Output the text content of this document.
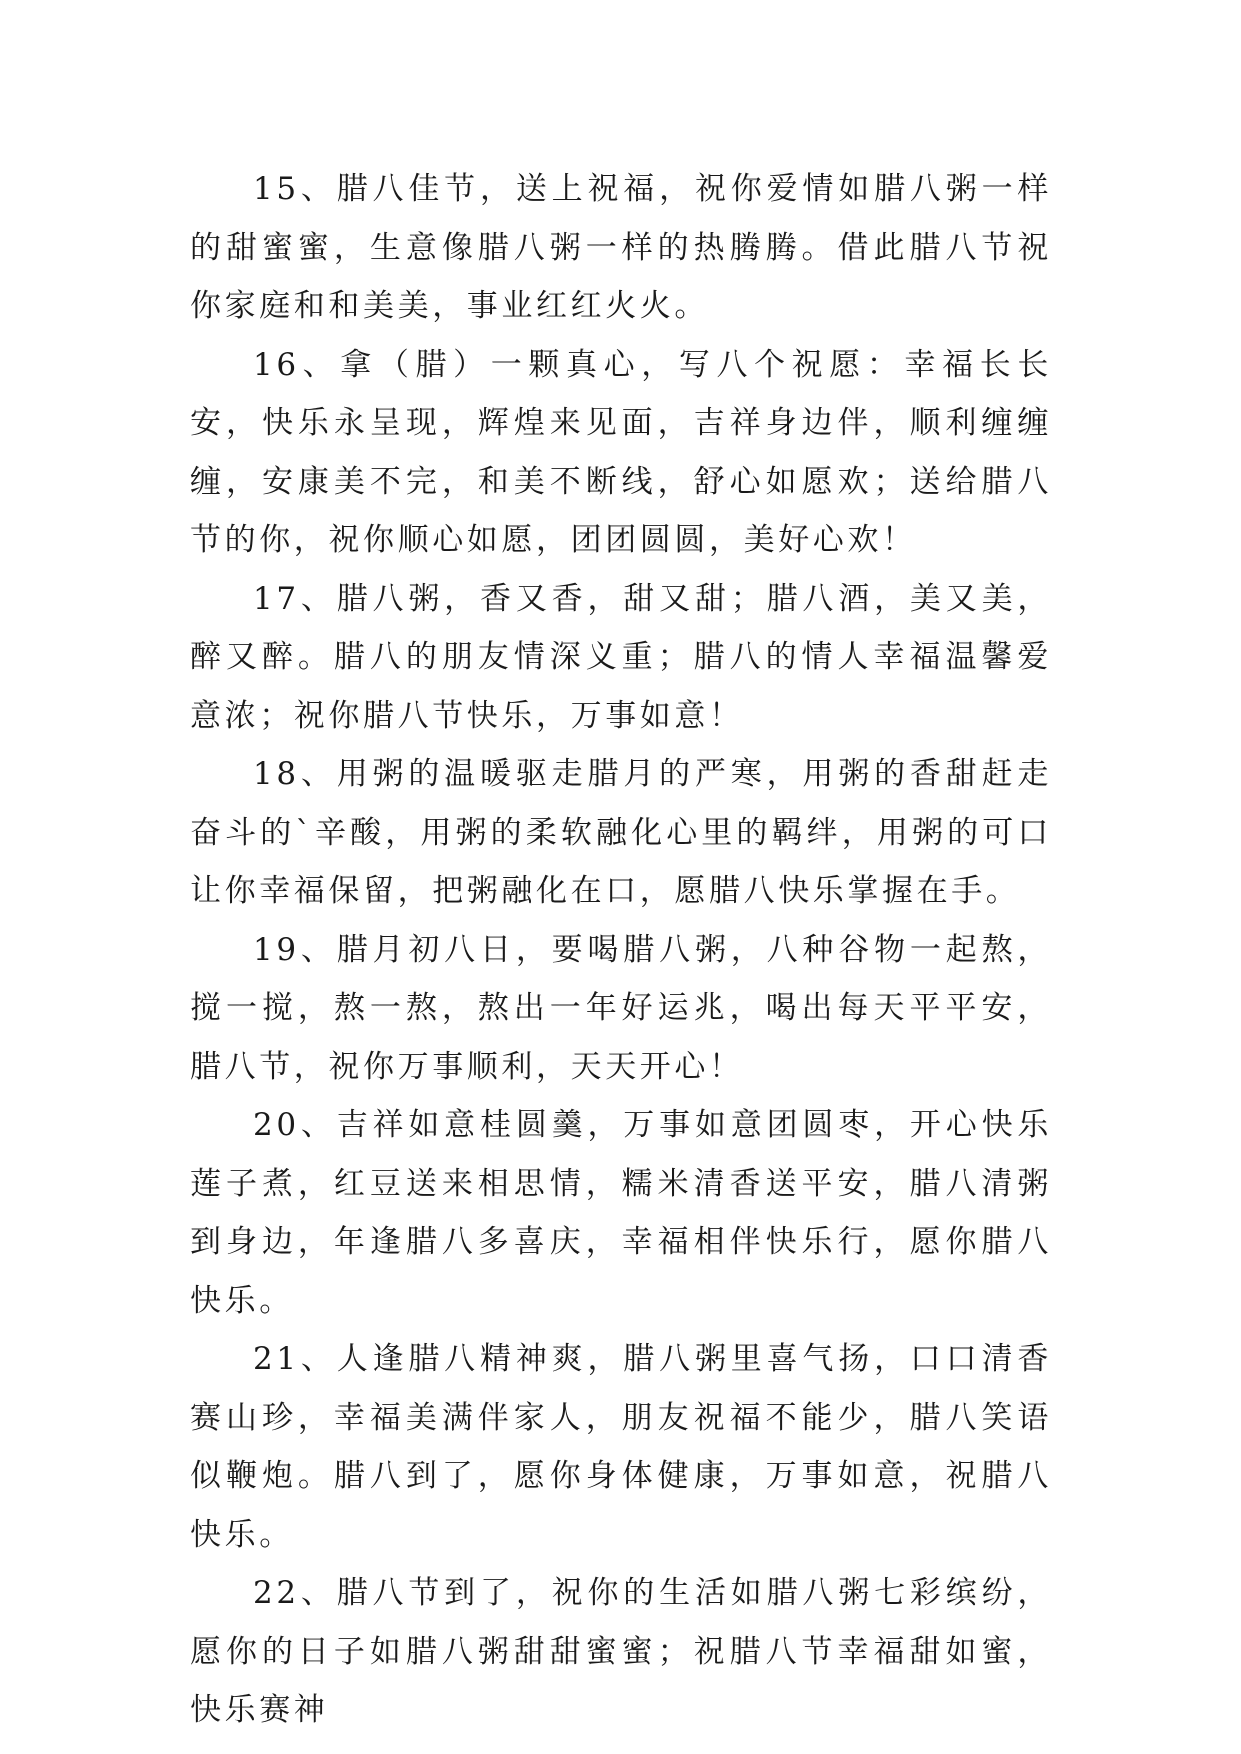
15、腊八佳节，送上祝福，祝你爱情如腊八粥一样的甜蜜蜜，生意像腊八粥一样的热腾腾。借此腊八节祝你家庭和和美美，事业红红火火。

16、拿（腊）一颗真心，写八个祝愿：幸福长长安，快乐永呈现，辉煌来见面，吉祥身边伴，顺利缠缠缠，安康美不完，和美不断线，舒心如愿欢；送给腊八节的你，祝你顺心如愿，团团圆圆，美好心欢！

17、腊八粥，香又香，甜又甜；腊八酒，美又美，醉又醉。腊八的朋友情深义重；腊八的情人幸福温馨爱意浓；祝你腊八节快乐，万事如意！

18、用粥的温暖驱走腊月的严寒，用粥的香甜赶走奋斗的`辛酸，用粥的柔软融化心里的羁绊，用粥的可口让你幸福保留，把粥融化在口，愿腊八快乐掌握在手。

19、腊月初八日，要喝腊八粥，八种谷物一起熬，搅一搅，熬一熬，熬出一年好运兆，喝出每天平平安，腊八节，祝你万事顺利，天天开心！

20、吉祥如意桂圆羹，万事如意团圆枣，开心快乐莲子煮，红豆送来相思情，糯米清香送平安，腊八清粥到身边，年逢腊八多喜庆，幸福相伴快乐行，愿你腊八快乐。

21、人逢腊八精神爽，腊八粥里喜气扬，口口清香赛山珍，幸福美满伴家人，朋友祝福不能少，腊八笑语似鞭炮。腊八到了，愿你身体健康，万事如意，祝腊八快乐。

22、腊八节到了，祝你的生活如腊八粥七彩缤纷，愿你的日子如腊八粥甜甜蜜蜜；祝腊八节幸福甜如蜜，快乐赛神
